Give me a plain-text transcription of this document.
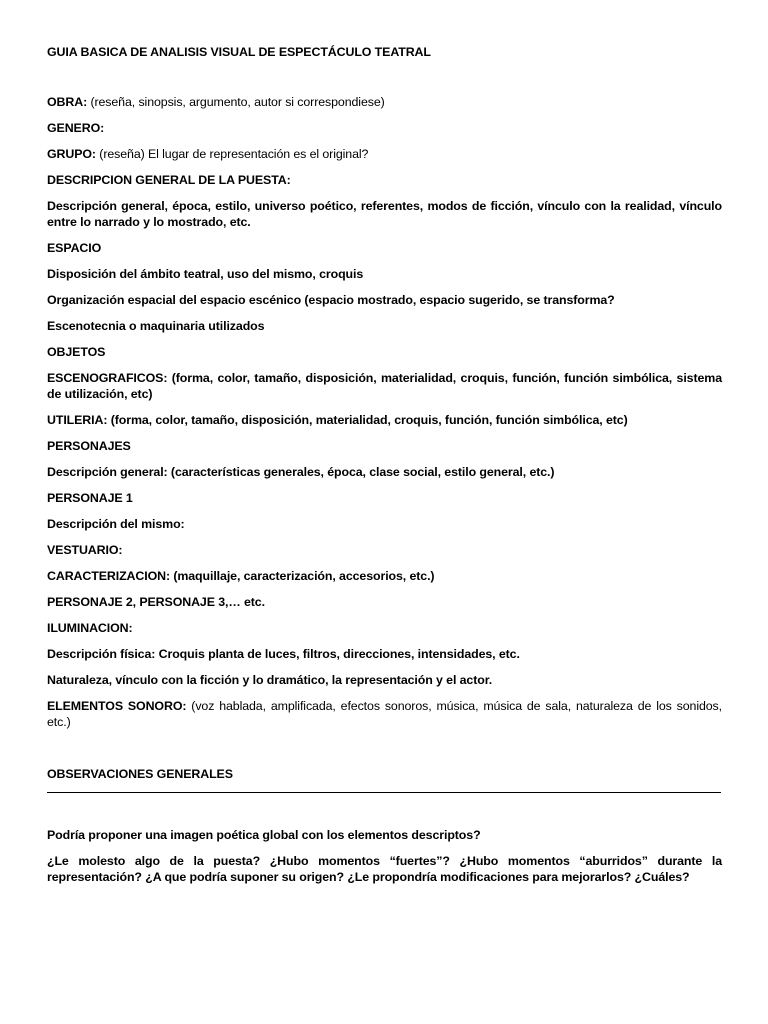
GUIA BASICA DE ANALISIS VISUAL DE ESPECTÁCULO TEATRAL

OBRA: (reseña, sinopsis, argumento, autor si correspondiese)

GENERO:

GRUPO: (reseña) El lugar de representación es el original?

DESCRIPCION GENERAL DE LA PUESTA:

Descripción general, época, estilo, universo poético, referentes, modos de ficción, vínculo con la realidad, vínculo entre lo narrado y lo mostrado, etc.

ESPACIO

Disposición del ámbito teatral, uso del mismo, croquis

Organización espacial del espacio escénico (espacio mostrado, espacio sugerido, se transforma?

Escenotecnia o maquinaria utilizados

OBJETOS

ESCENOGRAFICOS: (forma, color, tamaño, disposición, materialidad, croquis, función, función simbólica, sistema de utilización, etc)

UTILERIA: (forma, color, tamaño, disposición, materialidad, croquis, función, función simbólica, etc)

PERSONAJES

Descripción general: (características generales, época, clase social, estilo general, etc.)

PERSONAJE 1

Descripción del mismo:

VESTUARIO:

CARACTERIZACION: (maquillaje, caracterización, accesorios, etc.)

PERSONAJE 2, PERSONAJE 3,… etc.

ILUMINACION:

Descripción física: Croquis planta de luces, filtros, direcciones, intensidades, etc.

Naturaleza, vínculo con la ficción y lo dramático, la representación y el actor.

ELEMENTOS SONORO: (voz hablada, amplificada, efectos sonoros, música, música de sala, naturaleza de los sonidos, etc.)

OBSERVACIONES GENERALES

Podría proponer una imagen poética global con los elementos descriptos?

¿Le molesto algo de la puesta? ¿Hubo momentos “fuertes”? ¿Hubo momentos “aburridos” durante la representación? ¿A que podría suponer su origen? ¿Le propondría modificaciones para mejorarlos? ¿Cuáles?
